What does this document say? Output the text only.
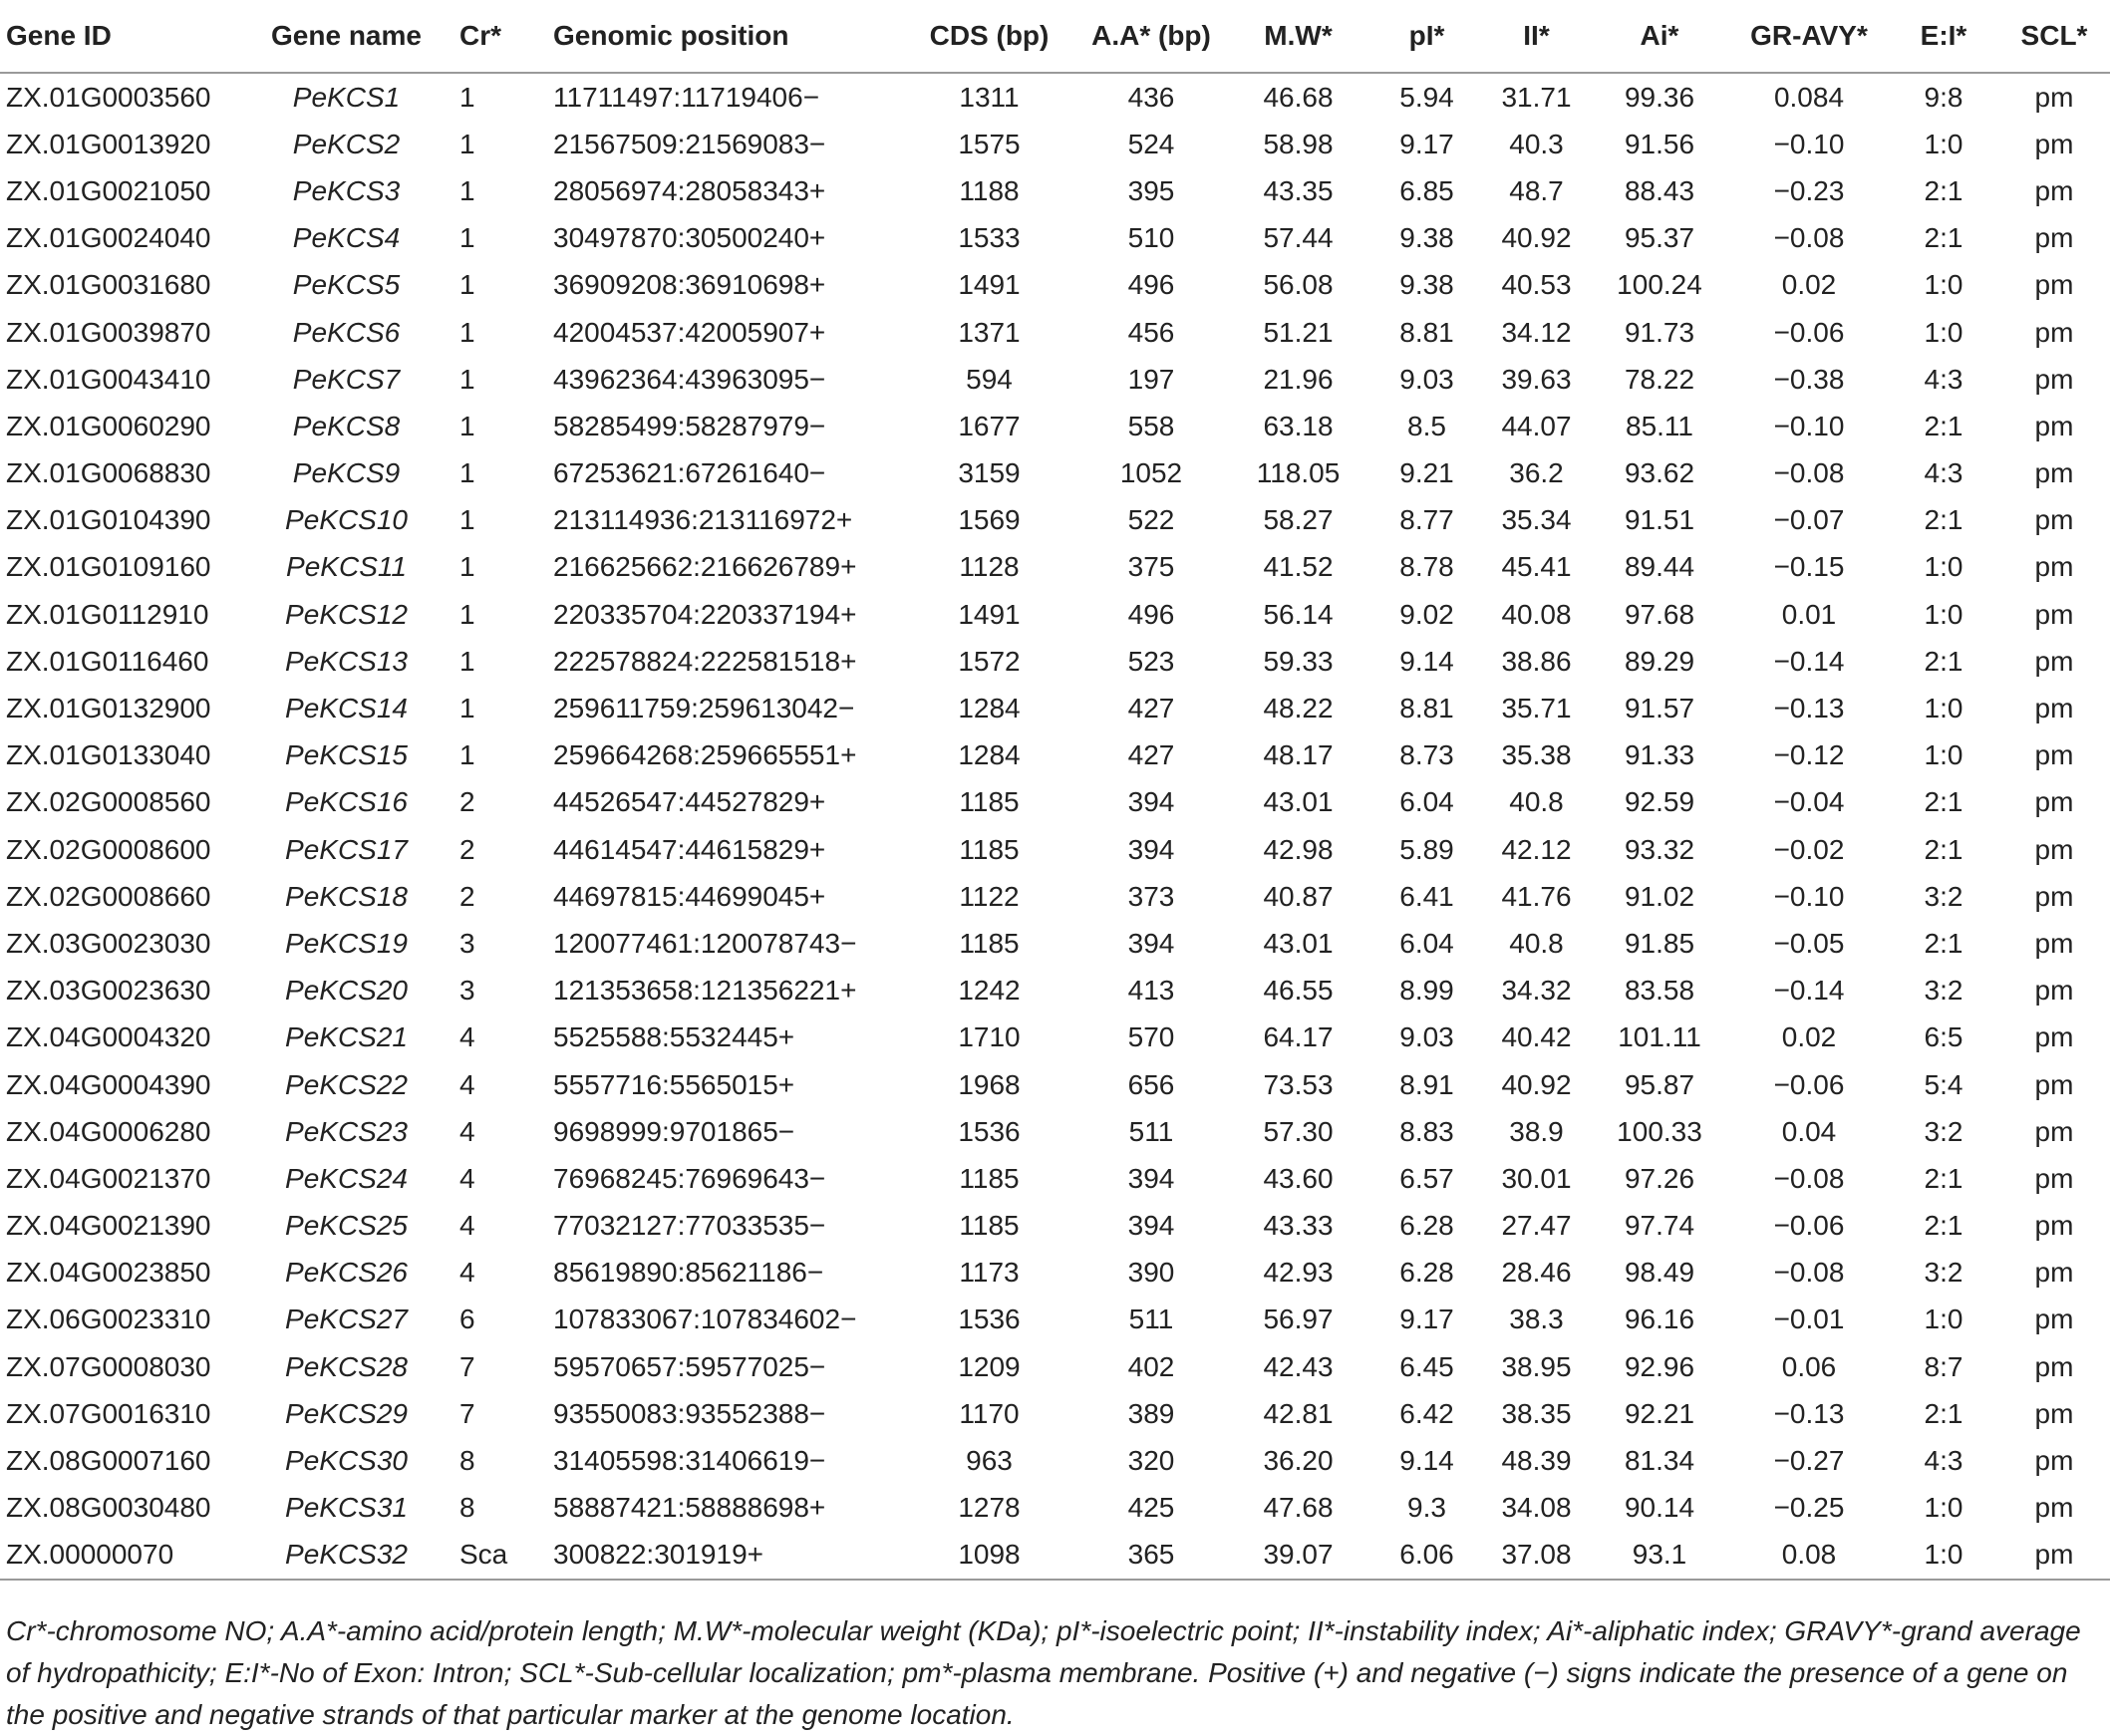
Gene ID	Gene name	Cr*	Genomic position	CDS (bp)	A.A* (bp)	M.W*	pI*	II*	Ai*	GR-AVY*	E:I*	SCL*
ZX.01G0003560	PeKCS1	1	11711497:11719406−	1311	436	46.68	5.94	31.71	99.36	0.084	9:8	pm
ZX.01G0013920	PeKCS2	1	21567509:21569083−	1575	524	58.98	9.17	40.3	91.56	−0.10	1:0	pm
ZX.01G0021050	PeKCS3	1	28056974:28058343+	1188	395	43.35	6.85	48.7	88.43	−0.23	2:1	pm
ZX.01G0024040	PeKCS4	1	30497870:30500240+	1533	510	57.44	9.38	40.92	95.37	−0.08	2:1	pm
ZX.01G0031680	PeKCS5	1	36909208:36910698+	1491	496	56.08	9.38	40.53	100.24	0.02	1:0	pm
ZX.01G0039870	PeKCS6	1	42004537:42005907+	1371	456	51.21	8.81	34.12	91.73	−0.06	1:0	pm
ZX.01G0043410	PeKCS7	1	43962364:43963095−	594	197	21.96	9.03	39.63	78.22	−0.38	4:3	pm
ZX.01G0060290	PeKCS8	1	58285499:58287979−	1677	558	63.18	8.5	44.07	85.11	−0.10	2:1	pm
ZX.01G0068830	PeKCS9	1	67253621:67261640−	3159	1052	118.05	9.21	36.2	93.62	−0.08	4:3	pm
ZX.01G0104390	PeKCS10	1	213114936:213116972+	1569	522	58.27	8.77	35.34	91.51	−0.07	2:1	pm
ZX.01G0109160	PeKCS11	1	216625662:216626789+	1128	375	41.52	8.78	45.41	89.44	−0.15	1:0	pm
ZX.01G0112910	PeKCS12	1	220335704:220337194+	1491	496	56.14	9.02	40.08	97.68	0.01	1:0	pm
ZX.01G0116460	PeKCS13	1	222578824:222581518+	1572	523	59.33	9.14	38.86	89.29	−0.14	2:1	pm
ZX.01G0132900	PeKCS14	1	259611759:259613042−	1284	427	48.22	8.81	35.71	91.57	−0.13	1:0	pm
ZX.01G0133040	PeKCS15	1	259664268:259665551+	1284	427	48.17	8.73	35.38	91.33	−0.12	1:0	pm
ZX.02G0008560	PeKCS16	2	44526547:44527829+	1185	394	43.01	6.04	40.8	92.59	−0.04	2:1	pm
ZX.02G0008600	PeKCS17	2	44614547:44615829+	1185	394	42.98	5.89	42.12	93.32	−0.02	2:1	pm
ZX.02G0008660	PeKCS18	2	44697815:44699045+	1122	373	40.87	6.41	41.76	91.02	−0.10	3:2	pm
ZX.03G0023030	PeKCS19	3	120077461:120078743−	1185	394	43.01	6.04	40.8	91.85	−0.05	2:1	pm
ZX.03G0023630	PeKCS20	3	121353658:121356221+	1242	413	46.55	8.99	34.32	83.58	−0.14	3:2	pm
ZX.04G0004320	PeKCS21	4	5525588:5532445+	1710	570	64.17	9.03	40.42	101.11	0.02	6:5	pm
ZX.04G0004390	PeKCS22	4	5557716:5565015+	1968	656	73.53	8.91	40.92	95.87	−0.06	5:4	pm
ZX.04G0006280	PeKCS23	4	9698999:9701865−	1536	511	57.30	8.83	38.9	100.33	0.04	3:2	pm
ZX.04G0021370	PeKCS24	4	76968245:76969643−	1185	394	43.60	6.57	30.01	97.26	−0.08	2:1	pm
ZX.04G0021390	PeKCS25	4	77032127:77033535−	1185	394	43.33	6.28	27.47	97.74	−0.06	2:1	pm
ZX.04G0023850	PeKCS26	4	85619890:85621186−	1173	390	42.93	6.28	28.46	98.49	−0.08	3:2	pm
ZX.06G0023310	PeKCS27	6	107833067:107834602−	1536	511	56.97	9.17	38.3	96.16	−0.01	1:0	pm
ZX.07G0008030	PeKCS28	7	59570657:59577025−	1209	402	42.43	6.45	38.95	92.96	0.06	8:7	pm
ZX.07G0016310	PeKCS29	7	93550083:93552388−	1170	389	42.81	6.42	38.35	92.21	−0.13	2:1	pm
ZX.08G0007160	PeKCS30	8	31405598:31406619−	963	320	36.20	9.14	48.39	81.34	−0.27	4:3	pm
ZX.08G0030480	PeKCS31	8	58887421:58888698+	1278	425	47.68	9.3	34.08	90.14	−0.25	1:0	pm
ZX.00000070	PeKCS32	Sca	300822:301919+	1098	365	39.07	6.06	37.08	93.1	0.08	1:0	pm
Cr*-chromosome NO; A.A*-amino acid/protein length; M.W*-molecular weight (KDa); pI*-isoelectric point; II*-instability index; Ai*-aliphatic index; GRAVY*-grand average of hydropathicity; E:I*-No of Exon: Intron; SCL*-Sub-cellular localization; pm*-plasma membrane. Positive (+) and negative (−) signs indicate the presence of a gene on the positive and negative strands of that particular marker at the genome location.
